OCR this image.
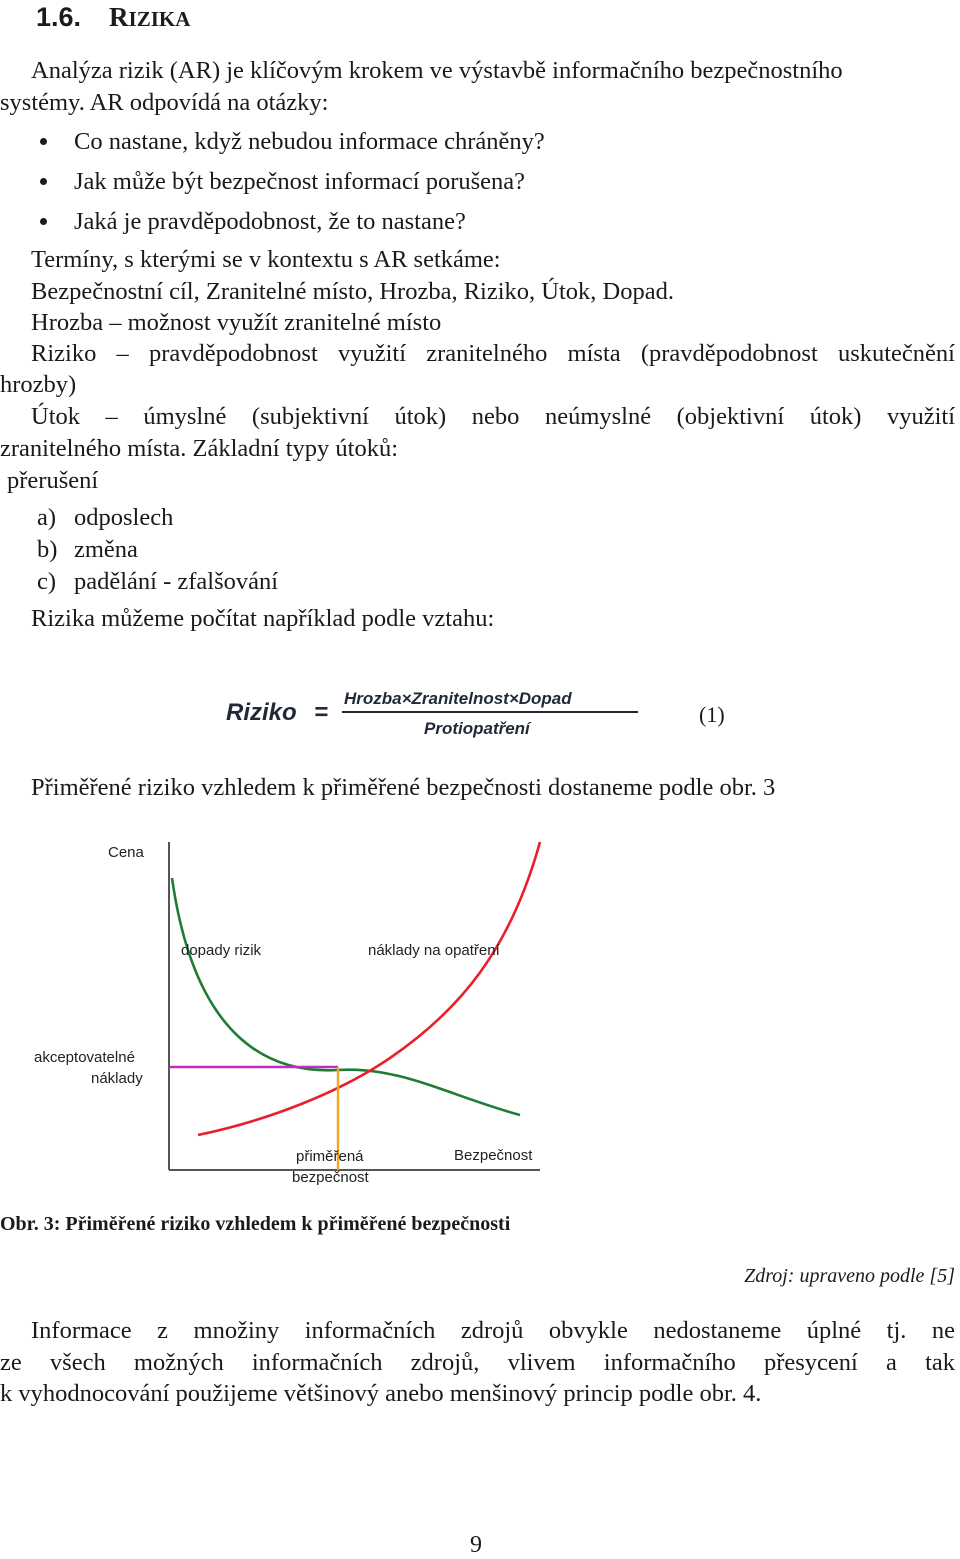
1.6. RIZIKA
Analýza rizik (AR) je klíčovým krokem ve výstavbě informačního bezpečnostního
systémy. AR odpovídá na otázky:
Co nastane, když nebudou informace chráněny?
Jak může být bezpečnost informací porušena?
Jaká je pravděpodobnost, že to nastane?
Termíny, s kterými se v kontextu s AR setkáme:
Bezpečnostní cíl, Zranitelné místo, Hrozba, Riziko, Útok, Dopad.
Hrozba – možnost využít zranitelné místo
Riziko – pravděpodobnost využití zranitelného místa (pravděpodobnost uskutečnění
hrozby)
Útok – úmyslné (subjektivní útok) nebo neúmyslné (objektivní útok) využití
zranitelného místa. Základní typy útoků:
přerušení
a) odposlech
b) změna
c) padělání - zfalšování
Rizika můžeme počítat například podle vztahu:
Riziko =
Hrozba×Zranitelnost×Dopad
Protiopatření
(1)
Přiměřené riziko vzhledem k přiměřené bezpečnosti dostaneme podle obr. 3
Cena
Bezpečnost
dopady rizik	náklady na opatření
akceptovatelné
náklady
přiměřená
bezpečnost
Obr. 3: Přiměřené riziko vzhledem k přiměřené bezpečnosti
Zdroj: upraveno podle [5]
Informace z množiny informačních zdrojů obvykle nedostaneme úplné tj. ne
ze všech možných informačních zdrojů, vlivem informačního přesycení a tak
k vyhodnocování použijeme většinový anebo menšinový princip podle obr. 4.
9
